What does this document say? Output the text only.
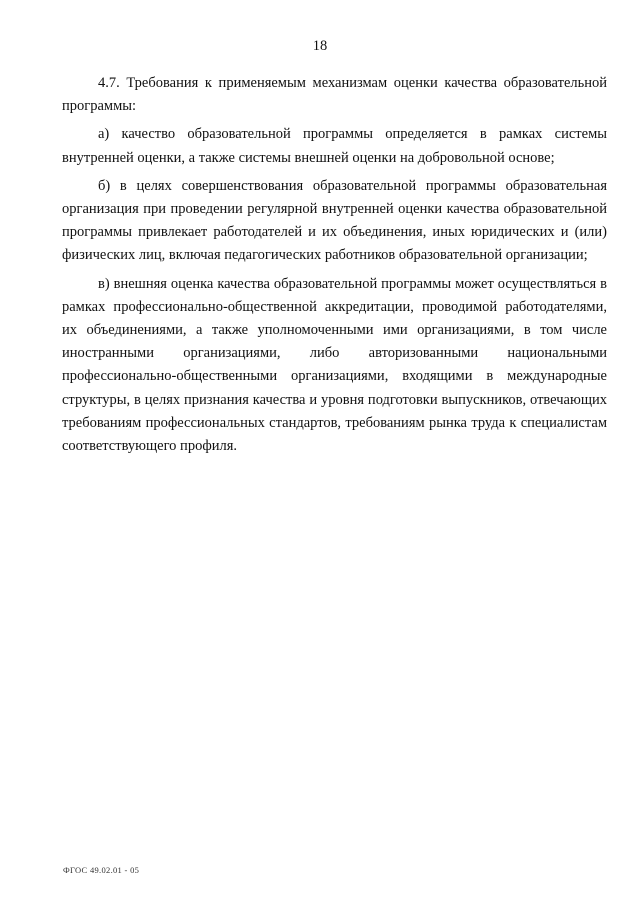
18

4.7. Требования к применяемым механизмам оценки качества образовательной программы:

а) качество образовательной программы определяется в рамках системы внутренней оценки, а также системы внешней оценки на добровольной основе;

б) в целях совершенствования образовательной программы образовательная организация при проведении регулярной внутренней оценки качества образовательной программы привлекает работодателей и их объединения, иных юридических и (или) физических лиц, включая педагогических работников образовательной организации;

в) внешняя оценка качества образовательной программы может осуществляться в рамках профессионально-общественной аккредитации, проводимой работодателями, их объединениями, а также уполномоченными ими организациями, в том числе иностранными организациями, либо авторизованными национальными профессионально-общественными организациями, входящими в международные структуры, в целях признания качества и уровня подготовки выпускников, отвечающих требованиям профессиональных стандартов, требованиям рынка труда к специалистам соответствующего профиля.

ФГОС 49.02.01 - 05
